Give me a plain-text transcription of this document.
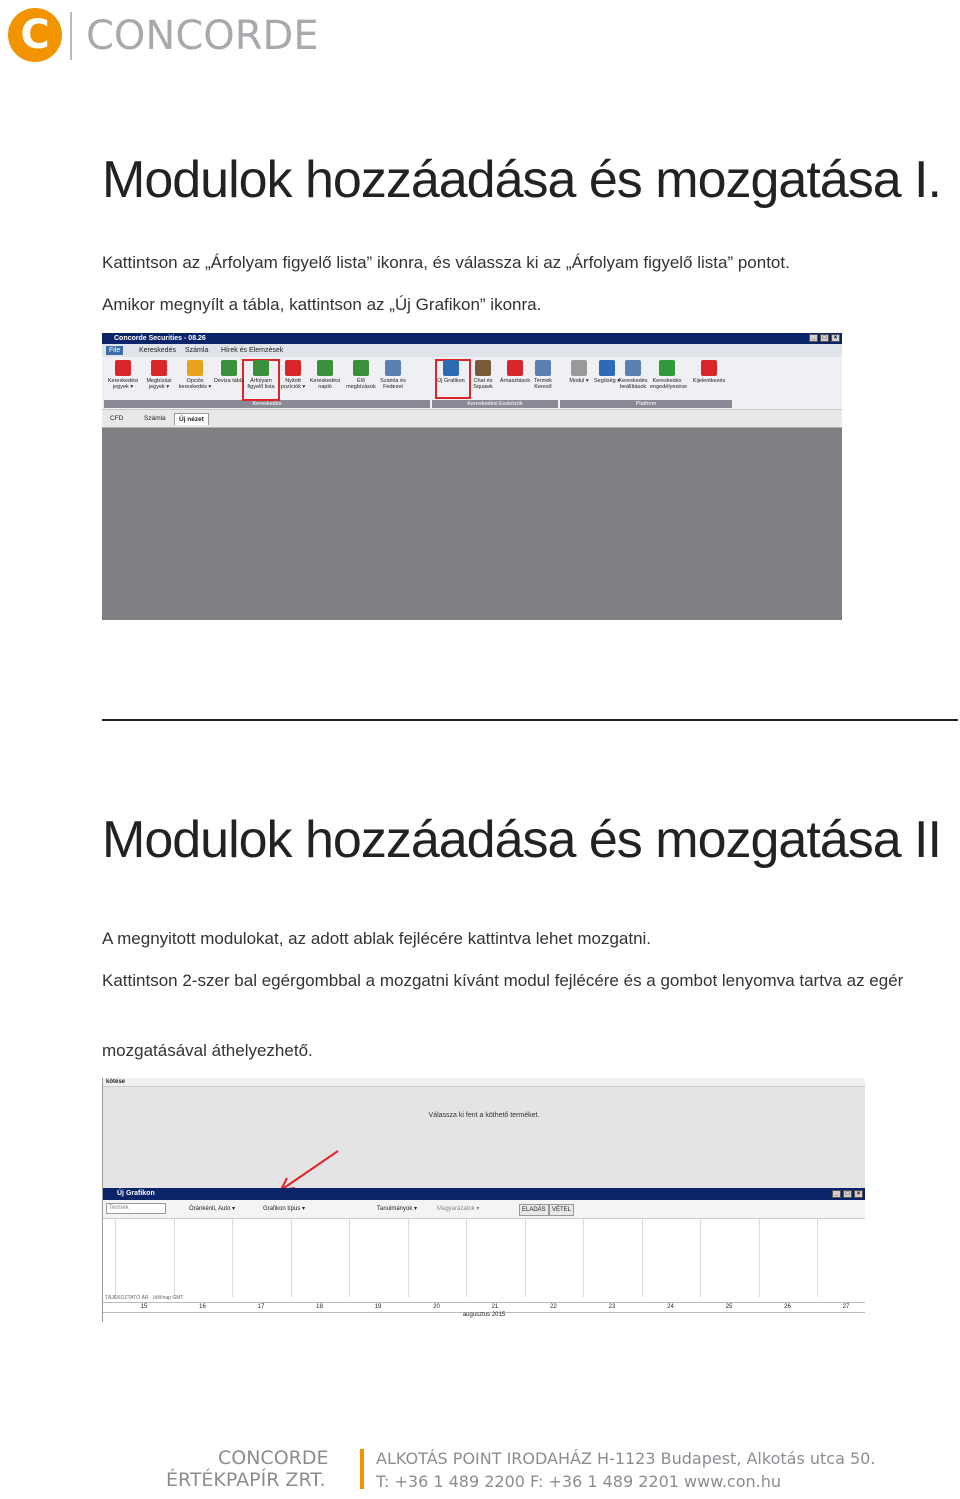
C CONCORDE
Modulok hozzáadása és mozgatása I.
Kattintson az „Árfolyam figyelő lista” ikonra, és válassza ki az „Árfolyam figyelő lista” pontot.
Amikor megnyílt a tábla, kattintson az „Új Grafikon” ikonra.
Concorde Securities - 08.26	_	□	×
File	Kereskedés	Számla	Hírek és Elemzések
Kereskedés	Kereskedési Eszközök	Platform
Kereskedési jegyek ▾
Megbízási jegyek ▾
Opciós kereskedés ▾
Deviza tábla	Árfolyam figyelő lista
Nyitott pozíciók ▾
Kereskedési napló
Élő megbízások
Számla és Fedezet
Új Grafikon	Chat és Squawk
Árriasztások Termék Kereső
Modul ▾ Segítség ▾
Kereskedés beállítások
Kereskedés engedélyezése
Kijelentkezés
CFD	Számla	Új nézet
Modulok hozzáadása és mozgatása II
A megnyitott modulokat, az adott ablak fejlécére kattintva lehet mozgatni.
Kattintson 2-szer bal egérgombbal a mozgatni kívánt modul fejlécére és a gombot lenyomva tartva az egér
mozgatásával áthelyezhető.
kötése
Válassza ki fent a köthető terméket.
Új Grafikon	_	□	×
Termék	Óránkénti, Auto ▾	Grafikon típus ▾	Tanulmányok ▾	Magyarázatok ▾	ELADÁS	VÉTEL
TÁJÉKOZTATÓ ÁR · (élő/nap GMT
15	16	17	18	19	20	21	22	23	24	25	26	27
augusztus 2015
CONCORDE
ÉRTÉKPAPÍR ZRT.
ALKOTÁS POINT IRODAHÁZ H-1123 Budapest, Alkotás utca 50.
T: +36 1 489 2200 F: +36 1 489 2201 www.con.hu
